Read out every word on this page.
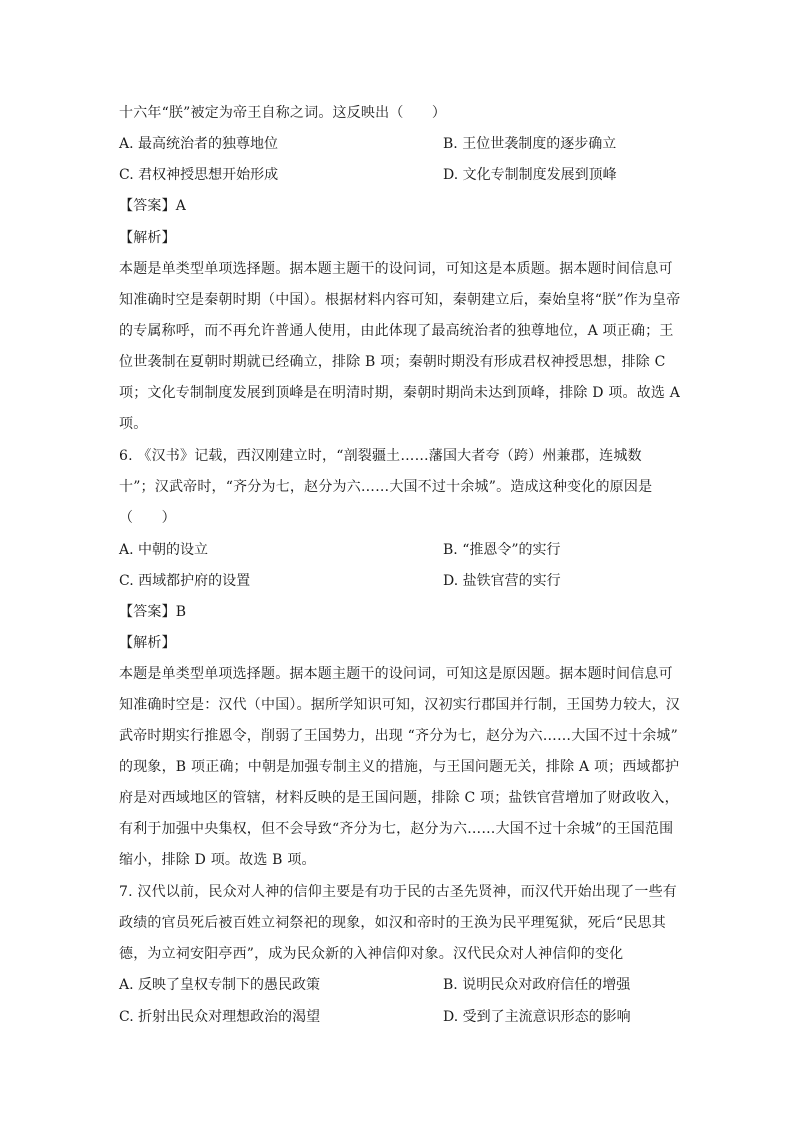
十六年“朕”被定为帝王自称之词。这反映出（　　）
A. 最高统治者的独尊地位	B. 王位世袭制度的逐步确立
C. 君权神授思想开始形成	D. 文化专制制度发展到顶峰
【答案】A
【解析】
本题是单类型单项选择题。据本题主题干的设问词，可知这是本质题。据本题时间信息可
知准确时空是秦朝时期（中国）。根据材料内容可知，秦朝建立后，秦始皇将“朕”作为皇帝
的专属称呼，而不再允许普通人使用，由此体现了最高统治者的独尊地位，A 项正确；王
位世袭制在夏朝时期就已经确立，排除 B 项；秦朝时期没有形成君权神授思想，排除 C
项；文化专制制度发展到顶峰是在明清时期，秦朝时期尚未达到顶峰，排除 D 项。故选 A
项。
6. 《汉书》记载，西汉刚建立时，“剖裂疆土……藩国大者夸（跨）州兼郡，连城数
十”；汉武帝时，“齐分为七，赵分为六……大国不过十余城”。造成这种变化的原因是
（　　）
A. 中朝的设立	B. “推恩令”的实行
C. 西域都护府的设置	D. 盐铁官营的实行
【答案】B
【解析】
本题是单类型单项选择题。据本题主题干的设问词，可知这是原因题。据本题时间信息可
知准确时空是：汉代（中国）。据所学知识可知，汉初实行郡国并行制，王国势力较大，汉
武帝时期实行推恩令，削弱了王国势力，出现 “齐分为七，赵分为六……大国不过十余城”
的现象，B 项正确；中朝是加强专制主义的措施，与王国问题无关，排除 A 项；西域都护
府是对西域地区的管辖，材料反映的是王国问题，排除 C 项；盐铁官营增加了财政收入，
有利于加强中央集权，但不会导致“齐分为七，赵分为六……大国不过十余城”的王国范围
缩小，排除 D 项。故选 B 项。
7. 汉代以前，民众对人神的信仰主要是有功于民的古圣先贤神，而汉代开始出现了一些有
政绩的官员死后被百姓立祠祭祀的现象，如汉和帝时的王涣为民平理冤狱，死后“民思其
德，为立祠安阳亭西”，成为民众新的入神信仰对象。汉代民众对人神信仰的变化
A. 反映了皇权专制下的愚民政策	B. 说明民众对政府信任的增强
C. 折射出民众对理想政治的渴望	D. 受到了主流意识形态的影响
